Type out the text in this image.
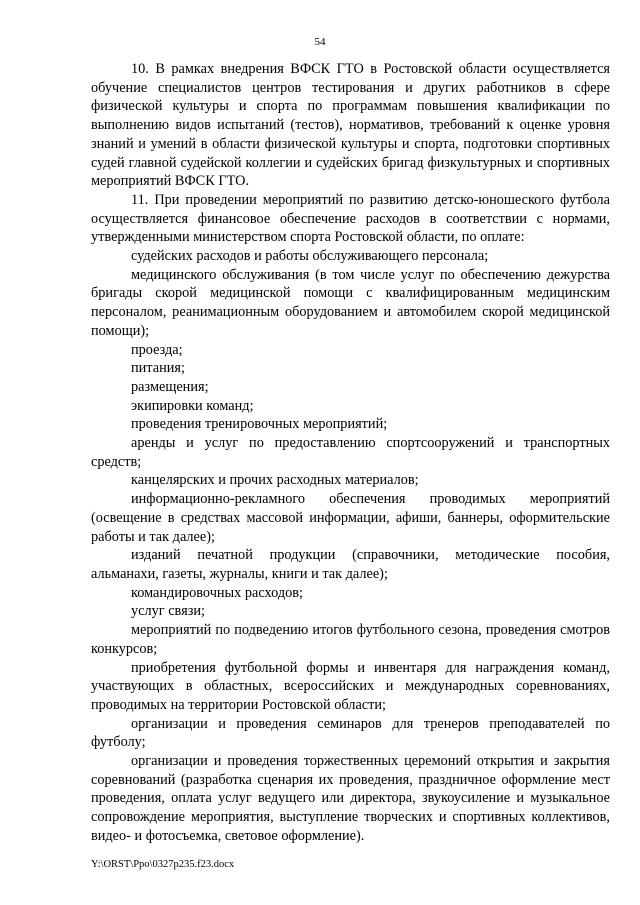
54

10. В рамках внедрения ВФСК ГТО в Ростовской области осуществляется обучение специалистов центров тестирования и других работников в сфере физической культуры и спорта по программам повышения квалификации по выполнению видов испытаний (тестов), нормативов, требований к оценке уровня знаний и умений в области физической культуры и спорта, подготовки спортивных судей главной судейской коллегии и судейских бригад физкультурных и спортивных мероприятий ВФСК ГТО.

11. При проведении мероприятий по развитию детско-юношеского футбола осуществляется финансовое обеспечение расходов в соответствии с нормами, утвержденными министерством спорта Ростовской области, по оплате:

судейских расходов и работы обслуживающего персонала;

медицинского обслуживания (в том числе услуг по обеспечению дежурства бригады скорой медицинской помощи с квалифицированным медицинским персоналом, реанимационным оборудованием и автомобилем скорой медицинской помощи);

проезда;

питания;

размещения;

экипировки команд;

проведения тренировочных мероприятий;

аренды и услуг по предоставлению спортсооружений и транспортных средств;

канцелярских и прочих расходных материалов;

информационно-рекламного обеспечения проводимых мероприятий (освещение в средствах массовой информации, афиши, баннеры, оформительские работы и так далее);

изданий печатной продукции (справочники, методические пособия, альманахи, газеты, журналы, книги и так далее);

командировочных расходов;

услуг связи;

мероприятий по подведению итогов футбольного сезона, проведения смотров конкурсов;

приобретения футбольной формы и инвентаря для награждения команд, участвующих в областных, всероссийских и международных соревнованиях, проводимых на территории Ростовской области;

организации и проведения семинаров для тренеров преподавателей по футболу;

организации и проведения торжественных церемоний открытия и закрытия соревнований (разработка сценария их проведения, праздничное оформление мест проведения, оплата услуг ведущего или директора, звукоусиление и музыкальное сопровождение мероприятия, выступление творческих и спортивных коллективов, видео- и фотосъемка, световое оформление).

Y:\ORST\Ppo\0327p235.f23.docx
